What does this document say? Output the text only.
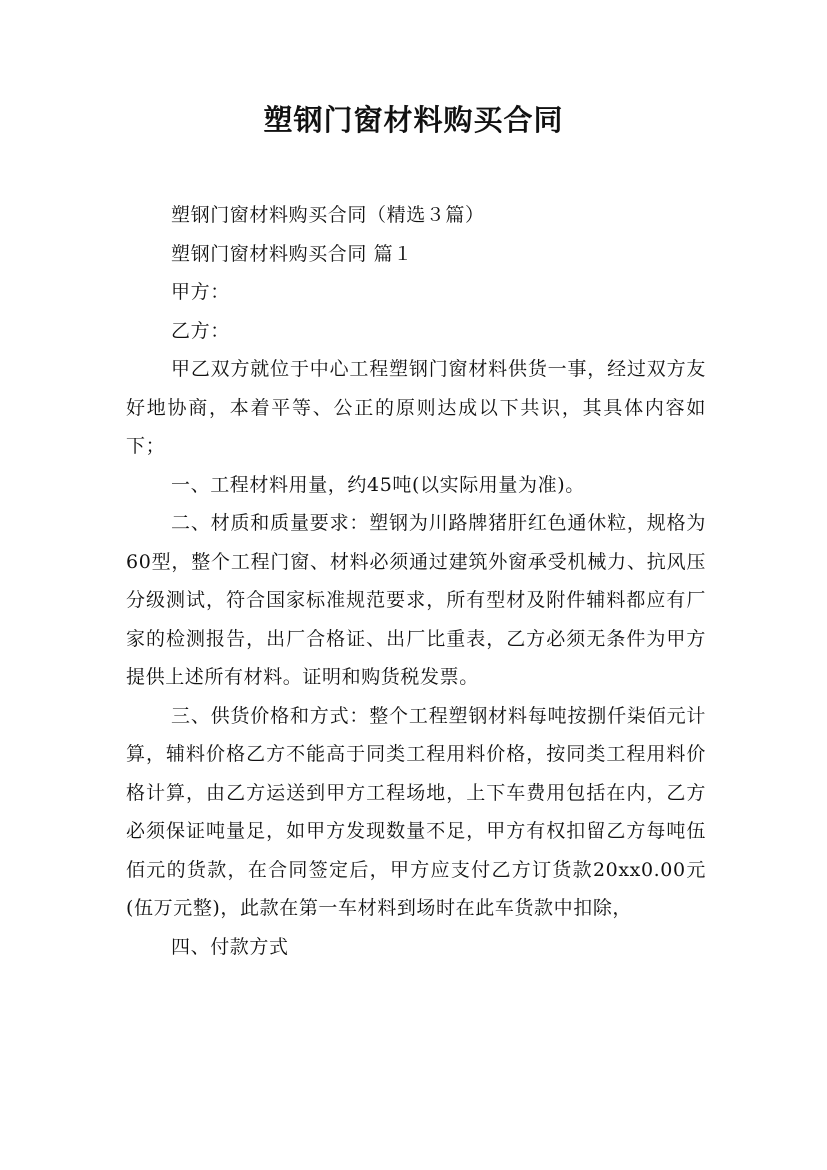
塑钢门窗材料购买合同

塑钢门窗材料购买合同（精选３篇）

塑钢门窗材料购买合同 篇１

甲方：

乙方：

甲乙双方就位于中心工程塑钢门窗材料供货一事，经过双方友好地协商，本着平等、公正的原则达成以下共识，其具体内容如下；

一、工程材料用量，约45吨(以实际用量为准)。

二、材质和质量要求：塑钢为川路牌猪肝红色通休粒，规格为60型，整个工程门窗、材料必须通过建筑外窗承受机械力、抗风压分级测试，符合国家标准规范要求，所有型材及附件辅料都应有厂家的检测报告，出厂合格证、出厂比重表，乙方必须无条件为甲方提供上述所有材料。证明和购货税发票。

三、供货价格和方式：整个工程塑钢材料每吨按捌仟柒佰元计算，辅料价格乙方不能高于同类工程用料价格，按同类工程用料价格计算，由乙方运送到甲方工程场地，上下车费用包括在内，乙方必须保证吨量足，如甲方发现数量不足，甲方有权扣留乙方每吨伍佰元的货款，在合同签定后，甲方应支付乙方订货款20xx0.00元(伍万元整)，此款在第一车材料到场时在此车货款中扣除，

四、付款方式
